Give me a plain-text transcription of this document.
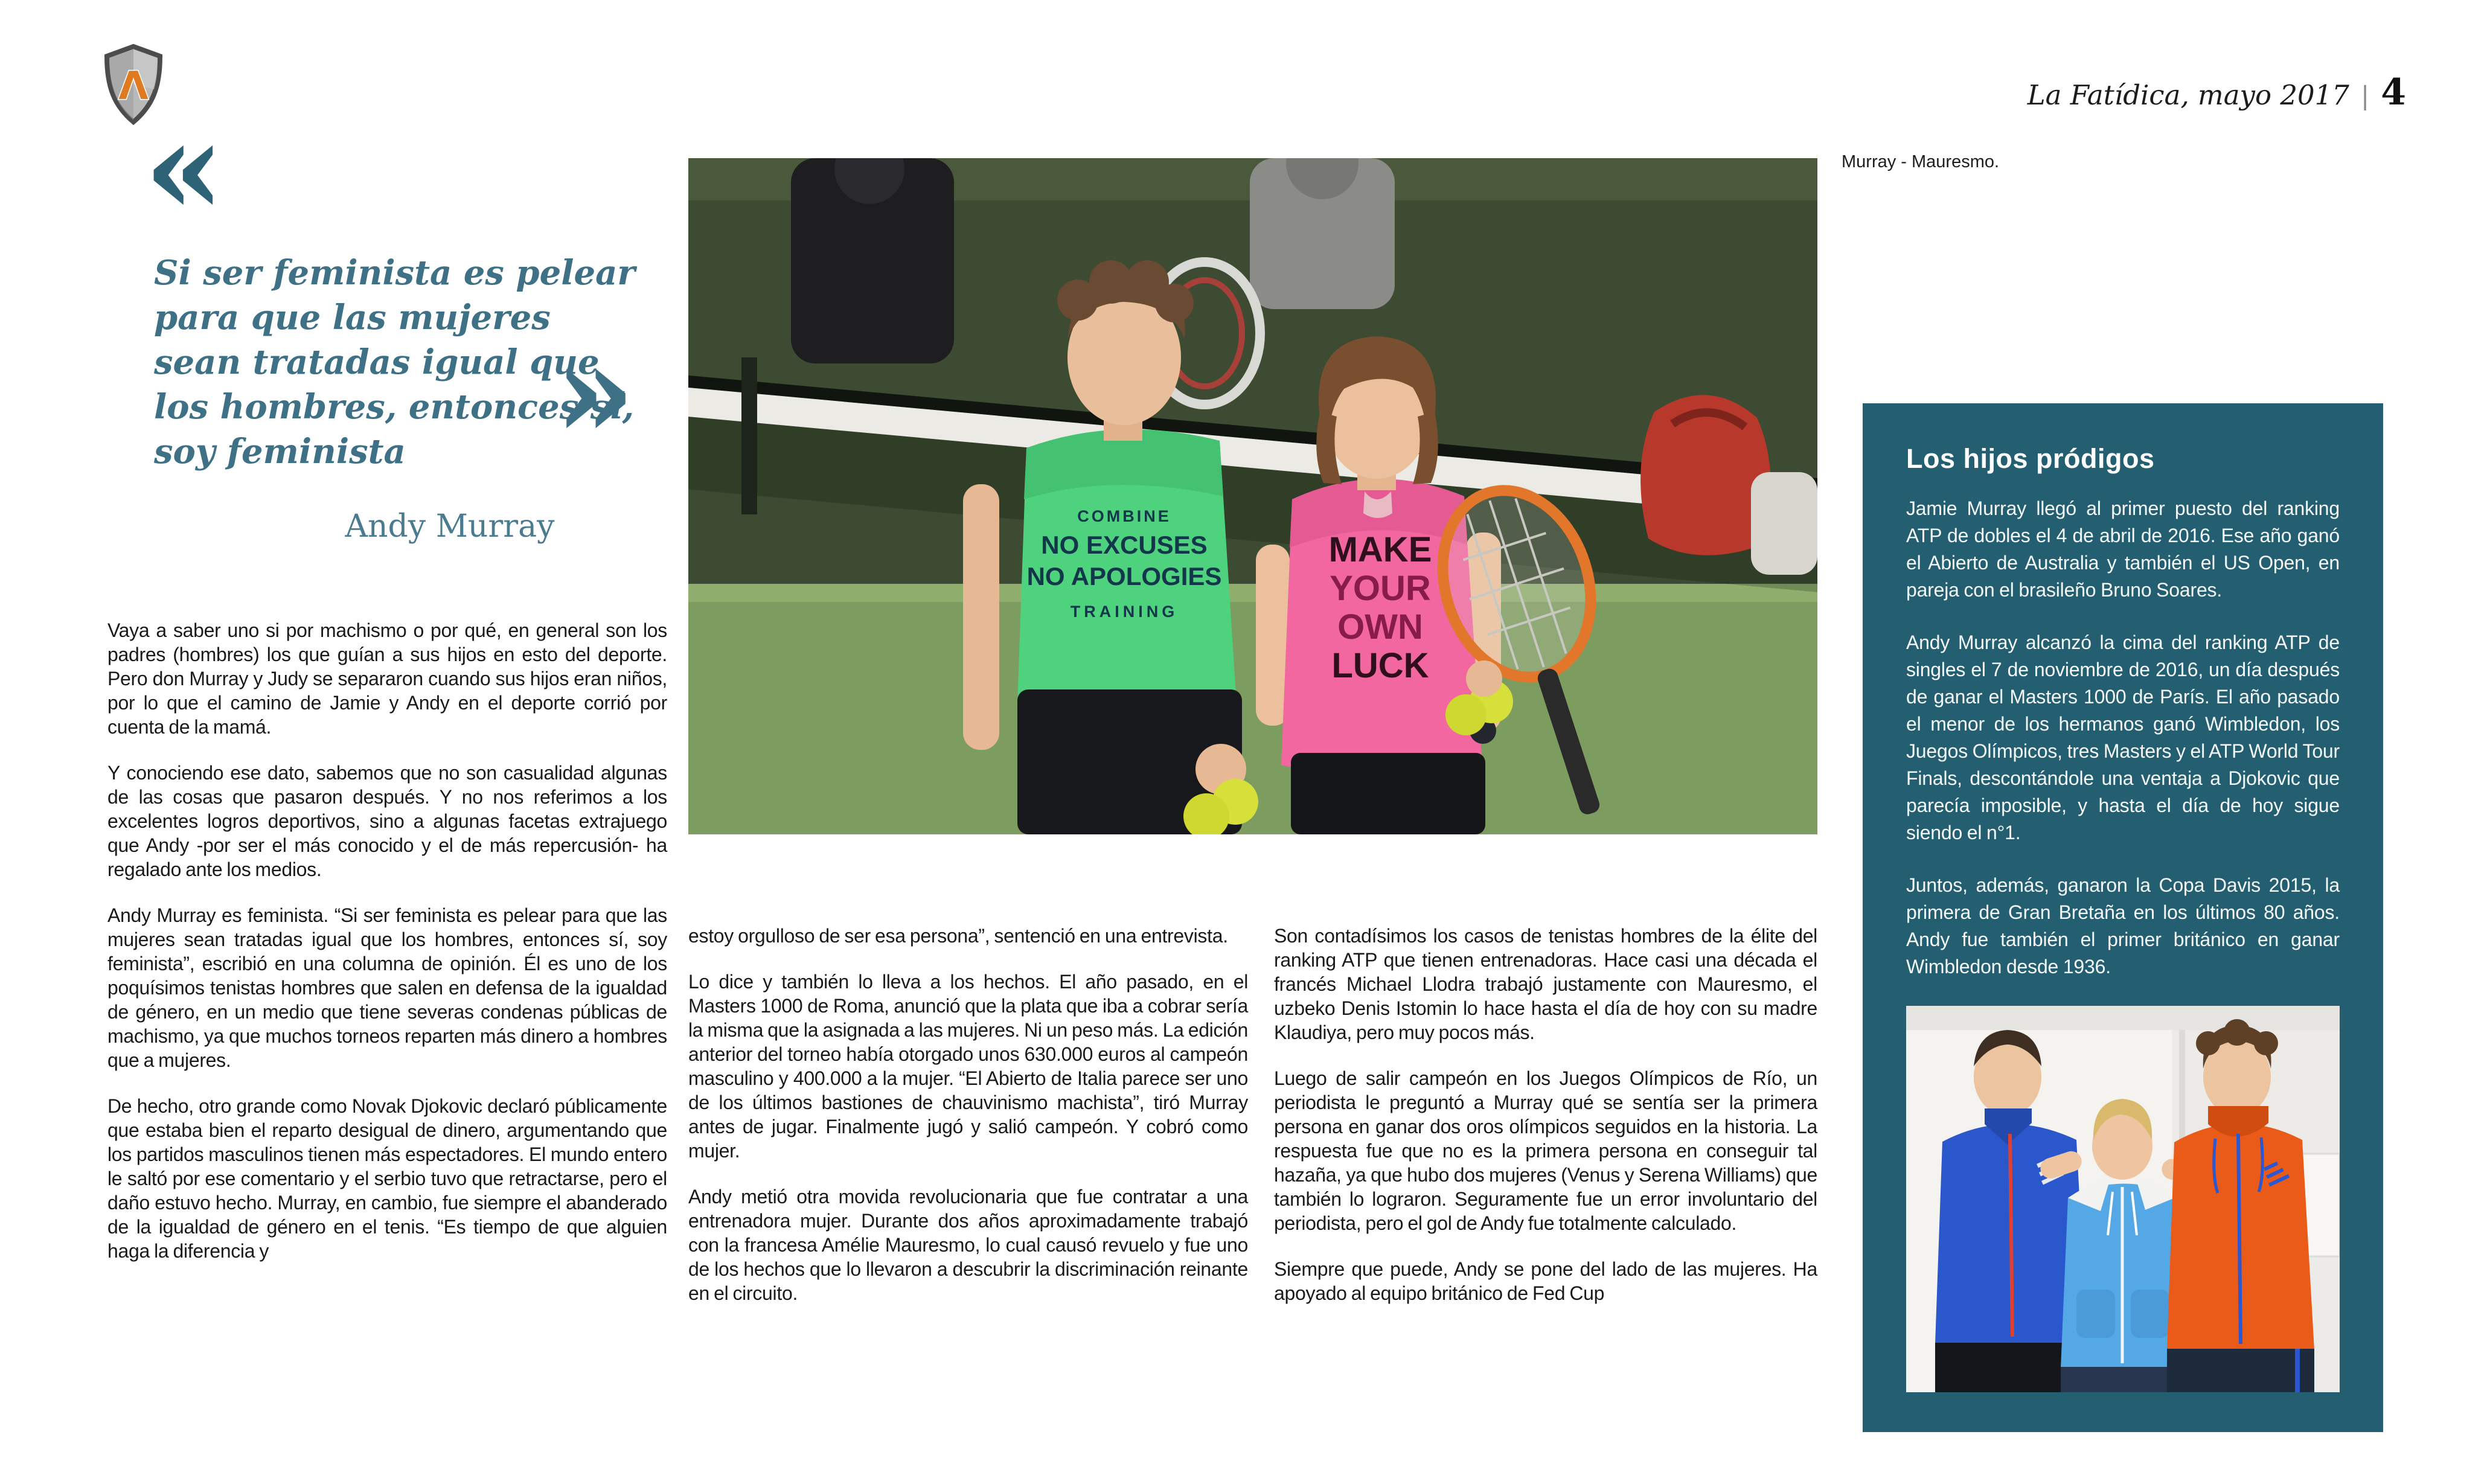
Λ	La Fatídica, mayo 2017 | 4
«
Si ser feminista es pelear para que las mujeres sean tratadas igual que los hombres, entonces sí, soy feminista	»
Andy Murray

Vaya a saber uno si por machismo o por qué, en general son los padres (hombres) los que guían a sus hijos en esto del deporte. Pero don Murray y Judy se separaron cuando sus hijos eran niños, por lo que el camino de Jamie y Andy en el deporte corrió por cuenta de la mamá.

Y conociendo ese dato, sabemos que no son casualidad algunas de las cosas que pasaron después. Y no nos referimos a los excelentes logros deportivos, sino a algunas facetas extrajuego que Andy -por ser el más conocido y el de más repercusión- ha regalado ante los medios.

Andy Murray es feminista. “Si ser feminista es pelear para que las mujeres sean tratadas igual que los hombres, entonces sí, soy feminista”, escribió en una columna de opinión. Él es uno de los poquísimos tenistas hombres que salen en defensa de la igualdad de género, en un medio que tiene severas condenas públicas de machismo, ya que muchos torneos reparten más dinero a hombres que a mujeres.

De hecho, otro grande como Novak Djokovic declaró públicamente que estaba bien el reparto desigual de dinero, argumentando que los partidos masculinos tienen más espectadores. El mundo entero le saltó por ese comentario y el serbio tuvo que retractarse, pero el daño estuvo hecho. Murray, en cambio, fue siempre el abanderado de la igualdad de género en el tenis. “Es tiempo de que alguien haga la diferencia y

estoy orgulloso de ser esa persona”, sentenció en una entrevista.

Lo dice y también lo lleva a los hechos. El año pasado, en el Masters 1000 de Roma, anunció que la plata que iba a cobrar sería la misma que la asignada a las mujeres. Ni un peso más. La edición anterior del torneo había otorgado unos 630.000 euros al campeón masculino y 400.000 a la mujer. “El Abierto de Italia parece ser uno de los últimos bastiones de chauvinismo machista”, tiró Murray antes de jugar. Finalmente jugó y salió campeón. Y cobró como mujer.

Andy metió otra movida revolucionaria que fue contratar a una entrenadora mujer. Durante dos años aproximadamente trabajó con la francesa Amélie Mauresmo, lo cual causó revuelo y fue uno de los hechos que lo llevaron a descubrir la discriminación reinante en el circuito.

Son contadísimos los casos de tenistas hombres de la élite del ranking ATP que tienen entrenadoras. Hace casi una década el francés Michael Llodra trabajó justamente con Mauresmo, el uzbeko Denis Istomin lo hace hasta el día de hoy con su madre Klaudiya, pero muy pocos más.

Luego de salir campeón en los Juegos Olímpicos de Río, un periodista le preguntó a Murray qué se sentía ser la primera persona en ganar dos oros olímpicos seguidos en la historia. La respuesta fue que no es la primera persona en conseguir tal hazaña, ya que hubo dos mujeres (Venus y Serena Williams) que también lo lograron. Seguramente fue un error involuntario del periodista, pero el gol de Andy fue totalmente calculado.

Siempre que puede, Andy se pone del lado de las mujeres. Ha apoyado al equipo británico de Fed Cup

COMBINE
NO EXCUSES
NO APOLOGIES
TRAINING
MAKE
YOUR
OWN
LUCK
Murray - Mauresmo.
Los hijos pródigos

Jamie Murray llegó al primer puesto del ranking ATP de dobles el 4 de abril de 2016. Ese año ganó el Abierto de Australia y también el US Open, en pareja con el brasileño Bruno Soares.

Andy Murray alcanzó la cima del ranking ATP de singles el 7 de noviembre de 2016, un día después de ganar el Masters 1000 de París. El año pasado el menor de los hermanos ganó Wimbledon, los Juegos Olímpicos, tres Masters y el ATP World Tour Finals, descontándole una ventaja a Djokovic que parecía imposible, y hasta el día de hoy sigue siendo el n°1.

Juntos, además, ganaron la Copa Davis 2015, la primera de Gran Bretaña en los últimos 80 años. Andy fue también el primer británico en ganar Wimbledon desde 1936.
